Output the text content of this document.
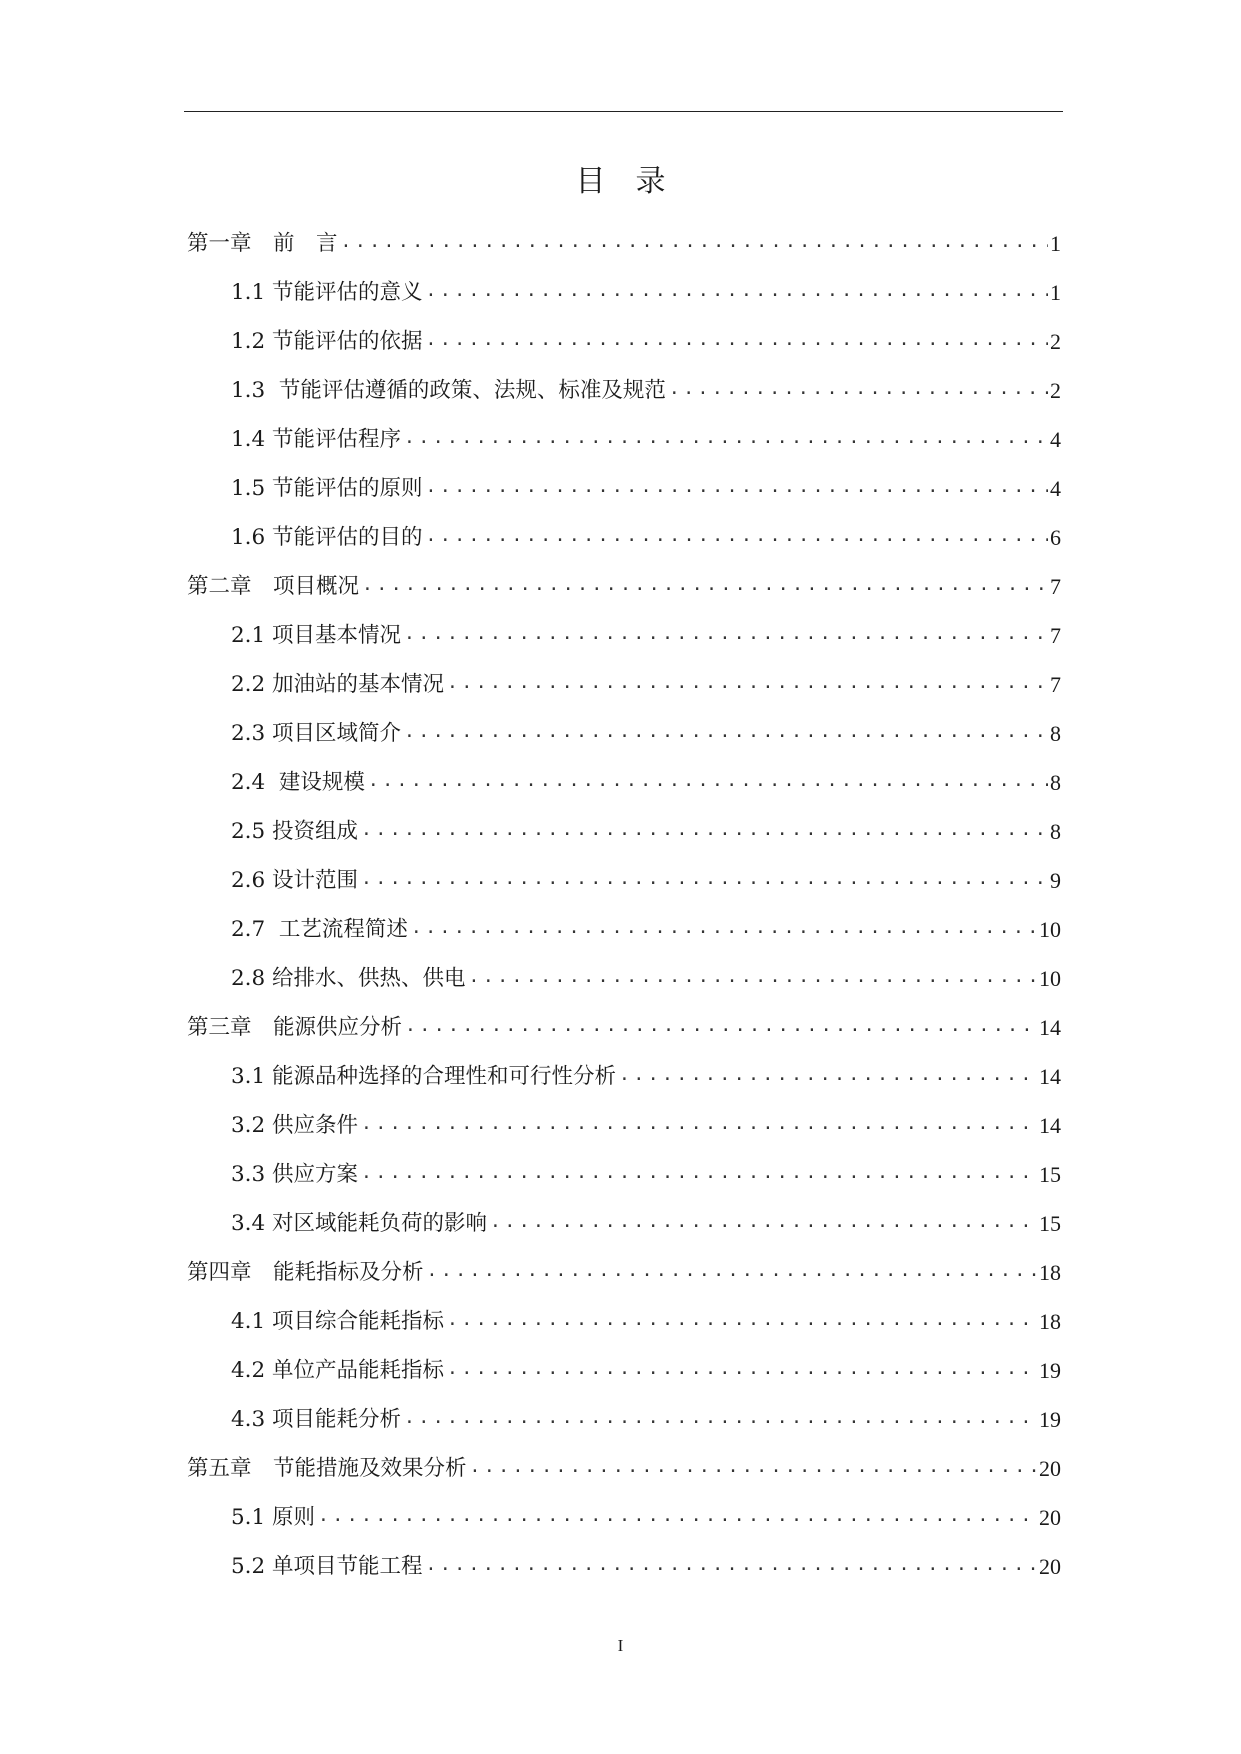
目　录
第一章　前　言 .....	1
1.1 节能评估的意义 .....	1
1.2 节能评估的依据 .....	2
1.3  节能评估遵循的政策、法规、标准及规范 .....	2
1.4 节能评估程序 .....	4
1.5 节能评估的原则 .....	4
1.6 节能评估的目的 .....	6
第二章　项目概况 .....	7
2.1 项目基本情况 .....	7
2.2 加油站的基本情况 .....	7
2.3 项目区域简介 .....	8
2.4  建设规模 .....	8
2.5 投资组成 .....	8
2.6 设计范围 .....	9
2.7  工艺流程简述 .....	10
2.8 给排水、供热、供电 .....	10
第三章　能源供应分析 .....	14
3.1 能源品种选择的合理性和可行性分析 .....	14
3.2 供应条件 .....	14
3.3 供应方案 .....	15
3.4 对区域能耗负荷的影响 .....	15
第四章　能耗指标及分析 .....	18
4.1 项目综合能耗指标 .....	18
4.2 单位产品能耗指标 .....	19
4.3 项目能耗分析 .....	19
第五章　节能措施及效果分析 .....	20
5.1 原则 .....	20
5.2 单项目节能工程 .....	20
I
